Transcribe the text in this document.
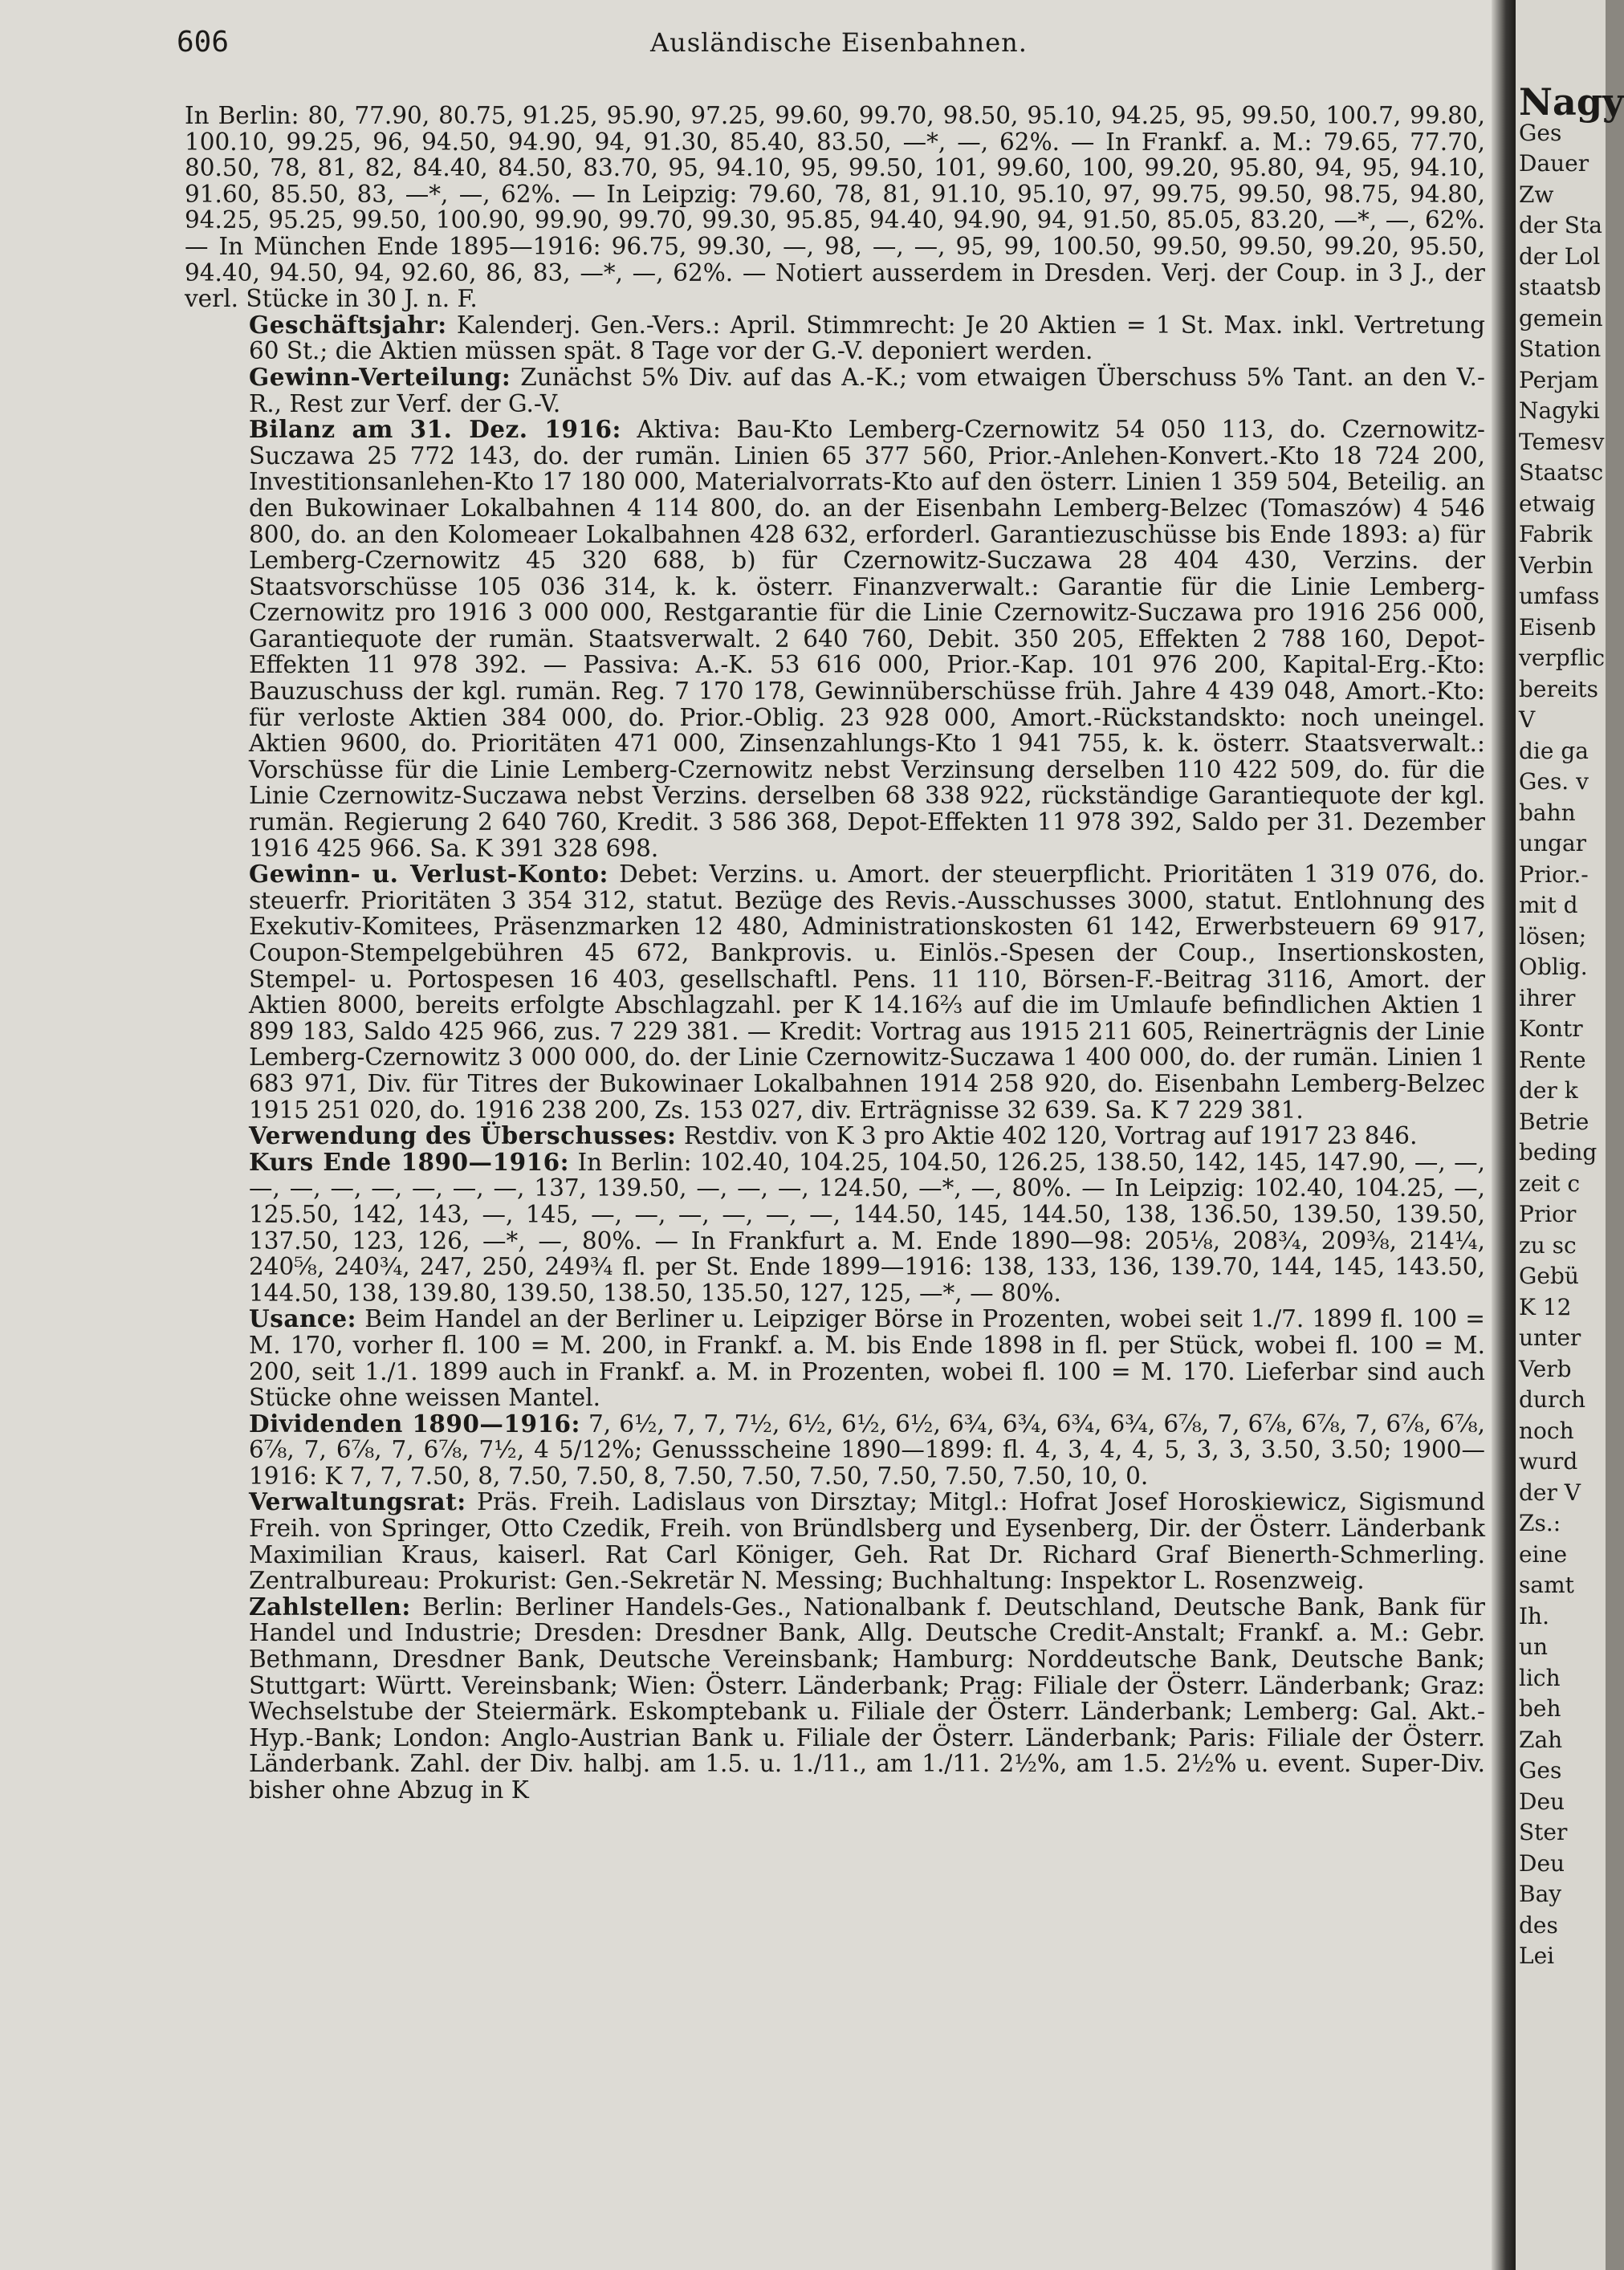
606	Ausländische Eisenbahnen.

In Berlin: 80, 77.90, 80.75, 91.25, 95.90, 97.25, 99.60, 99.70, 98.50, 95.10, 94.25, 95, 99.50, 100.7, 99.80, 100.10, 99.25, 96, 94.50, 94.90, 94, 91.30, 85.40, 83.50, —*, —, 62%. — In Frankf. a. M.: 79.65, 77.70, 80.50, 78, 81, 82, 84.40, 84.50, 83.70, 95, 94.10, 95, 99.50, 101, 99.60, 100, 99.20, 95.80, 94, 95, 94.10, 91.60, 85.50, 83, —*, —, 62%. — In Leipzig: 79.60, 78, 81, 91.10, 95.10, 97, 99.75, 99.50, 98.75, 94.80, 94.25, 95.25, 99.50, 100.90, 99.90, 99.70, 99.30, 95.85, 94.40, 94.90, 94, 91.50, 85.05, 83.20, —*, —, 62%. — In München Ende 1895—1916: 96.75, 99.30, —, 98, —, —, 95, 99, 100.50, 99.50, 99.50, 99.20, 95.50, 94.40, 94.50, 94, 92.60, 86, 83, —*, —, 62%. — Notiert ausserdem in Dresden. Verj. der Coup. in 3 J., der verl. Stücke in 30 J. n. F.

Geschäftsjahr: Kalenderj. Gen.-Vers.: April. Stimmrecht: Je 20 Aktien = 1 St. Max. inkl. Vertretung 60 St.; die Aktien müssen spät. 8 Tage vor der G.-V. deponiert werden.

Gewinn-Verteilung: Zunächst 5% Div. auf das A.-K.; vom etwaigen Überschuss 5% Tant. an den V.-R., Rest zur Verf. der G.-V.

Bilanz am 31. Dez. 1916: Aktiva: Bau-Kto Lemberg-Czernowitz 54 050 113, do. Czernowitz-Suczawa 25 772 143, do. der rumän. Linien 65 377 560, Prior.-Anlehen-Konvert.-Kto 18 724 200, Investitionsanlehen-Kto 17 180 000, Materialvorrats-Kto auf den österr. Linien 1 359 504, Beteilig. an den Bukowinaer Lokalbahnen 4 114 800, do. an der Eisenbahn Lemberg-Belzec (Tomaszów) 4 546 800, do. an den Kolomeaer Lokalbahnen 428 632, erforderl. Garantiezuschüsse bis Ende 1893: a) für Lemberg-Czernowitz 45 320 688, b) für Czernowitz-Suczawa 28 404 430, Verzins. der Staatsvorschüsse 105 036 314, k. k. österr. Finanzverwalt.: Garantie für die Linie Lemberg-Czernowitz pro 1916 3 000 000, Restgarantie für die Linie Czernowitz-Suczawa pro 1916 256 000, Garantiequote der rumän. Staatsverwalt. 2 640 760, Debit. 350 205, Effekten 2 788 160, Depot-Effekten 11 978 392. — Passiva: A.-K. 53 616 000, Prior.-Kap. 101 976 200, Kapital-Erg.-Kto: Bauzuschuss der kgl. rumän. Reg. 7 170 178, Gewinnüberschüsse früh. Jahre 4 439 048, Amort.-Kto: für verloste Aktien 384 000, do. Prior.-Oblig. 23 928 000, Amort.-Rückstandskto: noch uneingel. Aktien 9600, do. Prioritäten 471 000, Zinsenzahlungs-Kto 1 941 755, k. k. österr. Staatsverwalt.: Vorschüsse für die Linie Lemberg-Czernowitz nebst Verzinsung derselben 110 422 509, do. für die Linie Czernowitz-Suczawa nebst Verzins. derselben 68 338 922, rückständige Garantiequote der kgl. rumän. Regierung 2 640 760, Kredit. 3 586 368, Depot-Effekten 11 978 392, Saldo per 31. Dezember 1916 425 966. Sa. K 391 328 698.

Gewinn- u. Verlust-Konto: Debet: Verzins. u. Amort. der steuerpflicht. Prioritäten 1 319 076, do. steuerfr. Prioritäten 3 354 312, statut. Bezüge des Revis.-Ausschusses 3000, statut. Entlohnung des Exekutiv-Komitees, Präsenzmarken 12 480, Administrationskosten 61 142, Erwerbsteuern 69 917, Coupon-Stempelgebühren 45 672, Bankprovis. u. Einlös.-Spesen der Coup., Insertionskosten, Stempel- u. Portospesen 16 403, gesellschaftl. Pens. 11 110, Börsen-F.-Beitrag 3116, Amort. der Aktien 8000, bereits erfolgte Abschlagzahl. per K 14.16⅔ auf die im Umlaufe befindlichen Aktien 1 899 183, Saldo 425 966, zus. 7 229 381. — Kredit: Vortrag aus 1915 211 605, Reinerträgnis der Linie Lemberg-Czernowitz 3 000 000, do. der Linie Czernowitz-Suczawa 1 400 000, do. der rumän. Linien 1 683 971, Div. für Titres der Bukowinaer Lokalbahnen 1914 258 920, do. Eisenbahn Lemberg-Belzec 1915 251 020, do. 1916 238 200, Zs. 153 027, div. Erträgnisse 32 639. Sa. K 7 229 381.

Verwendung des Überschusses: Restdiv. von K 3 pro Aktie 402 120, Vortrag auf 1917 23 846.

Kurs Ende 1890—1916: In Berlin: 102.40, 104.25, 104.50, 126.25, 138.50, 142, 145, 147.90, —, —, —, —, —, —, —, —, —, 137, 139.50, —, —, —, 124.50, —*, —, 80%. — In Leipzig: 102.40, 104.25, —, 125.50, 142, 143, —, 145, —, —, —, —, —, —, 144.50, 145, 144.50, 138, 136.50, 139.50, 139.50, 137.50, 123, 126, —*, —, 80%. — In Frankfurt a. M. Ende 1890—98: 205⅛, 208¾, 209⅜, 214¼, 240⅝, 240¾, 247, 250, 249¾ fl. per St. Ende 1899—1916: 138, 133, 136, 139.70, 144, 145, 143.50, 144.50, 138, 139.80, 139.50, 138.50, 135.50, 127, 125, —*, — 80%.

Usance: Beim Handel an der Berliner u. Leipziger Börse in Prozenten, wobei seit 1./7. 1899 fl. 100 = M. 170, vorher fl. 100 = M. 200, in Frankf. a. M. bis Ende 1898 in fl. per Stück, wobei fl. 100 = M. 200, seit 1./1. 1899 auch in Frankf. a. M. in Prozenten, wobei fl. 100 = M. 170. Lieferbar sind auch Stücke ohne weissen Mantel.

Dividenden 1890—1916: 7, 6½, 7, 7, 7½, 6½, 6½, 6½, 6¾, 6¾, 6¾, 6¾, 6⅞, 7, 6⅞, 6⅞, 7, 6⅞, 6⅞, 6⅞, 7, 6⅞, 7, 6⅞, 7½, 4 5/12%; Genussscheine 1890—1899: fl. 4, 3, 4, 4, 5, 3, 3, 3.50, 3.50; 1900—1916: K 7, 7, 7.50, 8, 7.50, 7.50, 8, 7.50, 7.50, 7.50, 7.50, 7.50, 7.50, 10, 0.

Verwaltungsrat: Präs. Freih. Ladislaus von Dirsztay; Mitgl.: Hofrat Josef Horoskiewicz, Sigismund Freih. von Springer, Otto Czedik, Freih. von Bründlsberg und Eysenberg, Dir. der Österr. Länderbank Maximilian Kraus, kaiserl. Rat Carl Königer, Geh. Rat Dr. Richard Graf Bienerth-Schmerling. Zentralbureau: Prokurist: Gen.-Sekretär N. Messing; Buchhaltung: Inspektor L. Rosenzweig.

Zahlstellen: Berlin: Berliner Handels-Ges., Nationalbank f. Deutschland, Deutsche Bank, Bank für Handel und Industrie; Dresden: Dresdner Bank, Allg. Deutsche Credit-Anstalt; Frankf. a. M.: Gebr. Bethmann, Dresdner Bank, Deutsche Vereinsbank; Hamburg: Norddeutsche Bank, Deutsche Bank; Stuttgart: Württ. Vereinsbank; Wien: Österr. Länderbank; Prag: Filiale der Österr. Länderbank; Graz: Wechselstube der Steiermärk. Eskomptebank u. Filiale der Österr. Länderbank; Lemberg: Gal. Akt.-Hyp.-Bank; London: Anglo-Austrian Bank u. Filiale der Österr. Länderbank; Paris: Filiale der Österr. Länderbank. Zahl. der Div. halbj. am 1.5. u. 1./11., am 1./11. 2½%, am 1.5. 2½% u. event. Super-Div. bisher ohne Abzug in K

Nagy
Ges
Dauer
Zw
der Sta
der Lol
staatsb
gemein
Station
Perjam
Nagyki
Temesv
Staatsc
etwaig
Fabrik
Verbin
umfass
Eisenb
verpflic
bereits
V
die ga
Ges. v
bahn
ungar
Prior.-
mit d
lösen;
Oblig.
ihrer
Kontr
Rente
der k
Betrie
beding
zeit c
Prior
zu sc
Gebü
K 12
unter
Verb
durch
noch
wurd
der V
Zs.:
eine
samt
Ih.
un
lich
beh
Zah
Ges
Deu
Ster
Deu
Bay
des
Lei
